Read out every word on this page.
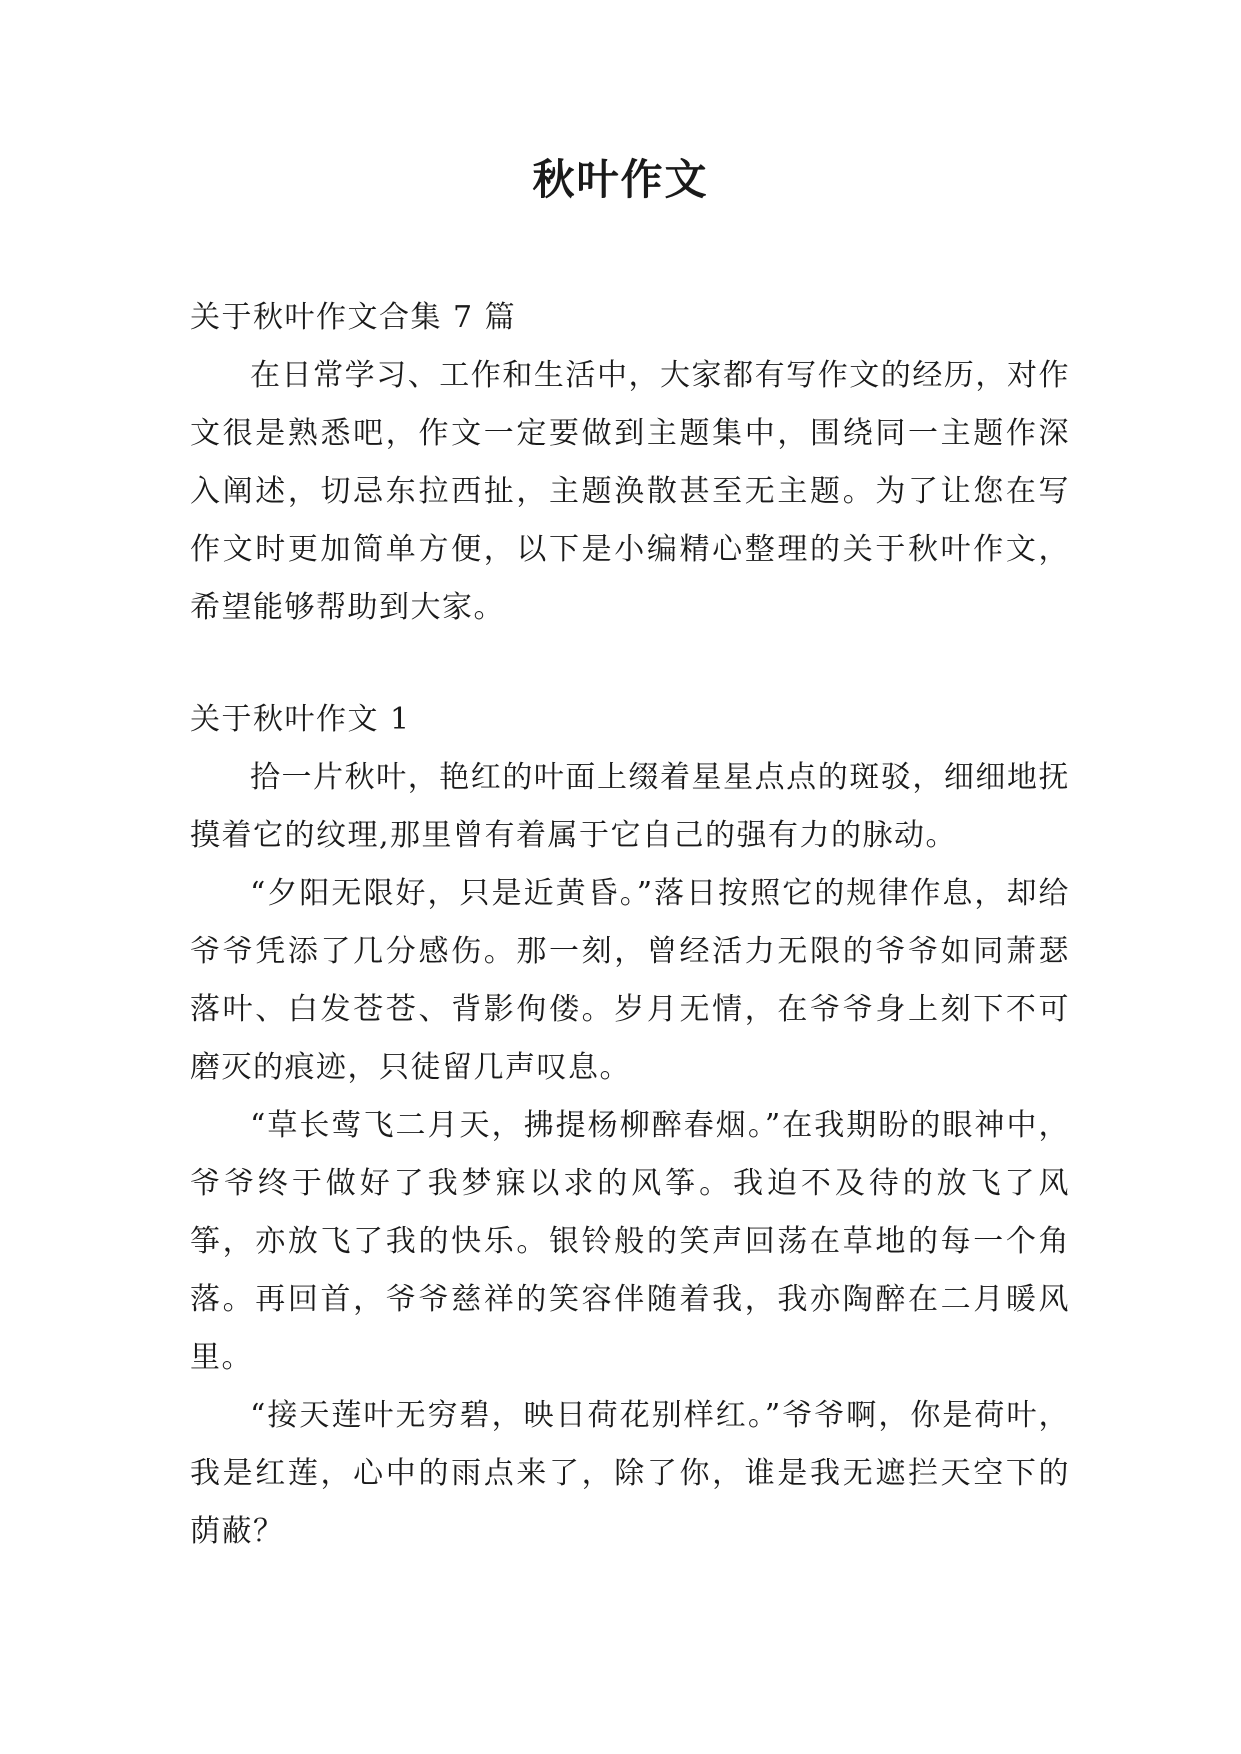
秋叶作文

关于秋叶作文合集 7 篇

在日常学习、工作和生活中，大家都有写作文的经历，对作文很是熟悉吧，作文一定要做到主题集中，围绕同一主题作深入阐述，切忌东拉西扯，主题涣散甚至无主题。为了让您在写作文时更加简单方便，以下是小编精心整理的关于秋叶作文，希望能够帮助到大家。

关于秋叶作文 1

拾一片秋叶，艳红的叶面上缀着星星点点的斑驳，细细地抚摸着它的纹理,那里曾有着属于它自己的强有力的脉动。

“夕阳无限好，只是近黄昏。”落日按照它的规律作息，却给爷爷凭添了几分感伤。那一刻，曾经活力无限的爷爷如同萧瑟落叶、白发苍苍、背影佝偻。岁月无情，在爷爷身上刻下不可磨灭的痕迹，只徒留几声叹息。

“草长莺飞二月天，拂提杨柳醉春烟。”在我期盼的眼神中，爷爷终于做好了我梦寐以求的风筝。我迫不及待的放飞了风筝，亦放飞了我的快乐。银铃般的笑声回荡在草地的每一个角落。再回首，爷爷慈祥的笑容伴随着我，我亦陶醉在二月暖风里。

“接天莲叶无穷碧，映日荷花别样红。”爷爷啊，你是荷叶，我是红莲，心中的雨点来了，除了你，谁是我无遮拦天空下的荫蔽？
